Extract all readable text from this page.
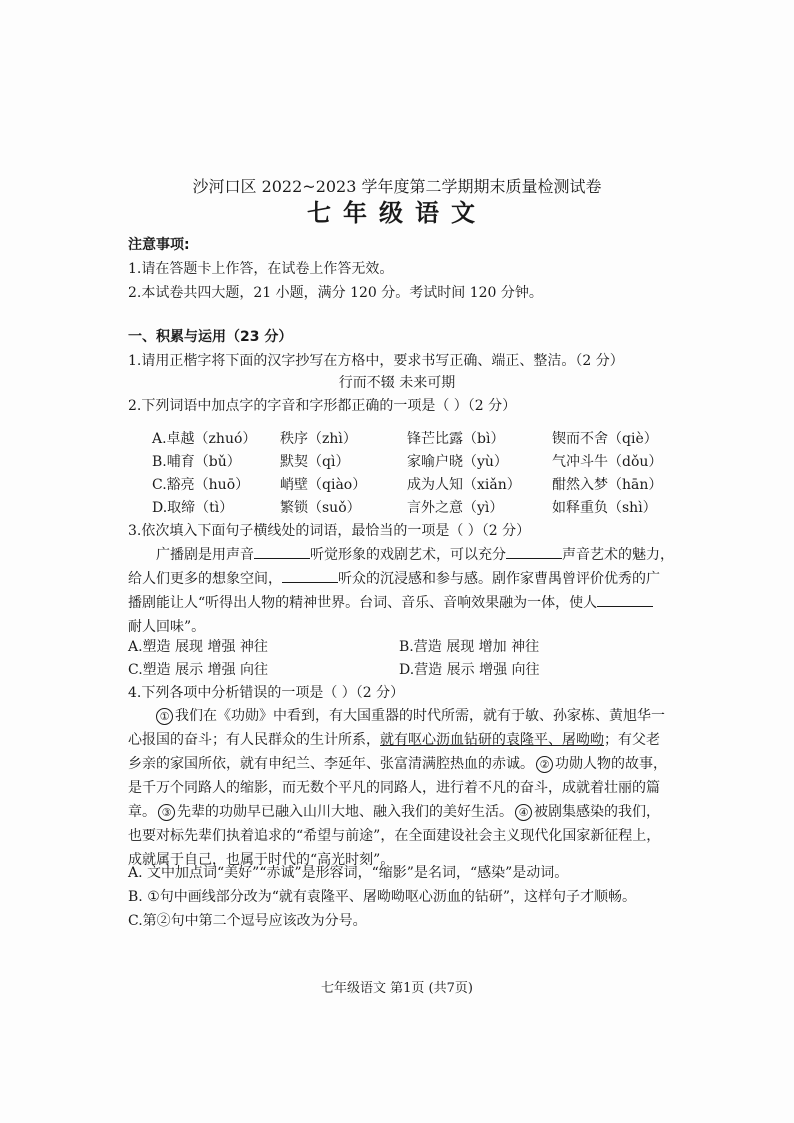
沙河口区 2022~2023 学年度第二学期期末质量检测试卷
七年级语文
注意事项:
1.请在答题卡上作答，在试卷上作答无效。
2.本试卷共四大题，21 小题，满分 120 分。考试时间 120 分钟。
一、积累与运用（23 分）
1.请用正楷字将下面的汉字抄写在方格中，要求书写正确、端正、整洁。（2 分）
行而不辍 未来可期
2.下列词语中加点字的字音和字形都正确的一项是（ ）（2 分）
A.卓越（zhuó） 秩序（zhì）	锋芒比露（bì）	锲而不舍（qiè）
B.哺育（bǔ）	默契（qì）	家喻户晓（yù）	气冲斗牛（dǒu）
C.豁亮（huō） 峭壁（qiào）	成为人知（xiǎn） 酣然入梦（hān）
D.取缔（tì）	繁锁（suǒ）	言外之意（yì）	如释重负（shì）
3.依次填入下面句子横线处的词语，最恰当的一项是（ ）（2 分）
广播剧是用声音	听觉形象的戏剧艺术，可以充分	声音艺术的魅力，
给人们更多的想象空间，	听众的沉浸感和参与感。剧作家曹禺曾评价优秀的广
播剧能让人“听得出人物的精神世界。台词、音乐、音响效果融为一体，使人
耐人回味”。
A.塑造 展现 增强 神往	B.营造 展现 增加 神往
C.塑造 展示 增强 向往	D.营造 展示 增强 向往
4.下列各项中分析错误的一项是（ ）（2 分）
① 我们在《功勋》中看到，有大国重器的时代所需，就有于敏、孙家栋、黄旭华一
心报国的奋斗；有人民群众的生计所系，就有呕心沥血钻研的袁隆平、屠呦呦；有父老
乡亲的家国所依，就有申纪兰、李延年、张富清满腔热血的赤诚。 ② 功勋人物的故事，
是千万个同路人的缩影，而无数个平凡的同路人，进行着不凡的奋斗，成就着壮丽的篇
章。 ③ 先辈的功勋早已融入山川大地、融入我们的美好生活。 ④ 被剧集感染的我们，
也要对标先辈们执着追求的“希望与前途”，在全面建设社会主义现代化国家新征程上，
成就属于自己，也属于时代的“高光时刻”。
A. 文中加点词“美好”“赤诚”是形容词，“缩影”是名词，“感染”是动词。
B. ①句中画线部分改为“就有袁隆平、屠呦呦呕心沥血的钻研”，这样句子才顺畅。
C.第②句中第二个逗号应该改为分号。
七年级语文 第1页 (共7页)
